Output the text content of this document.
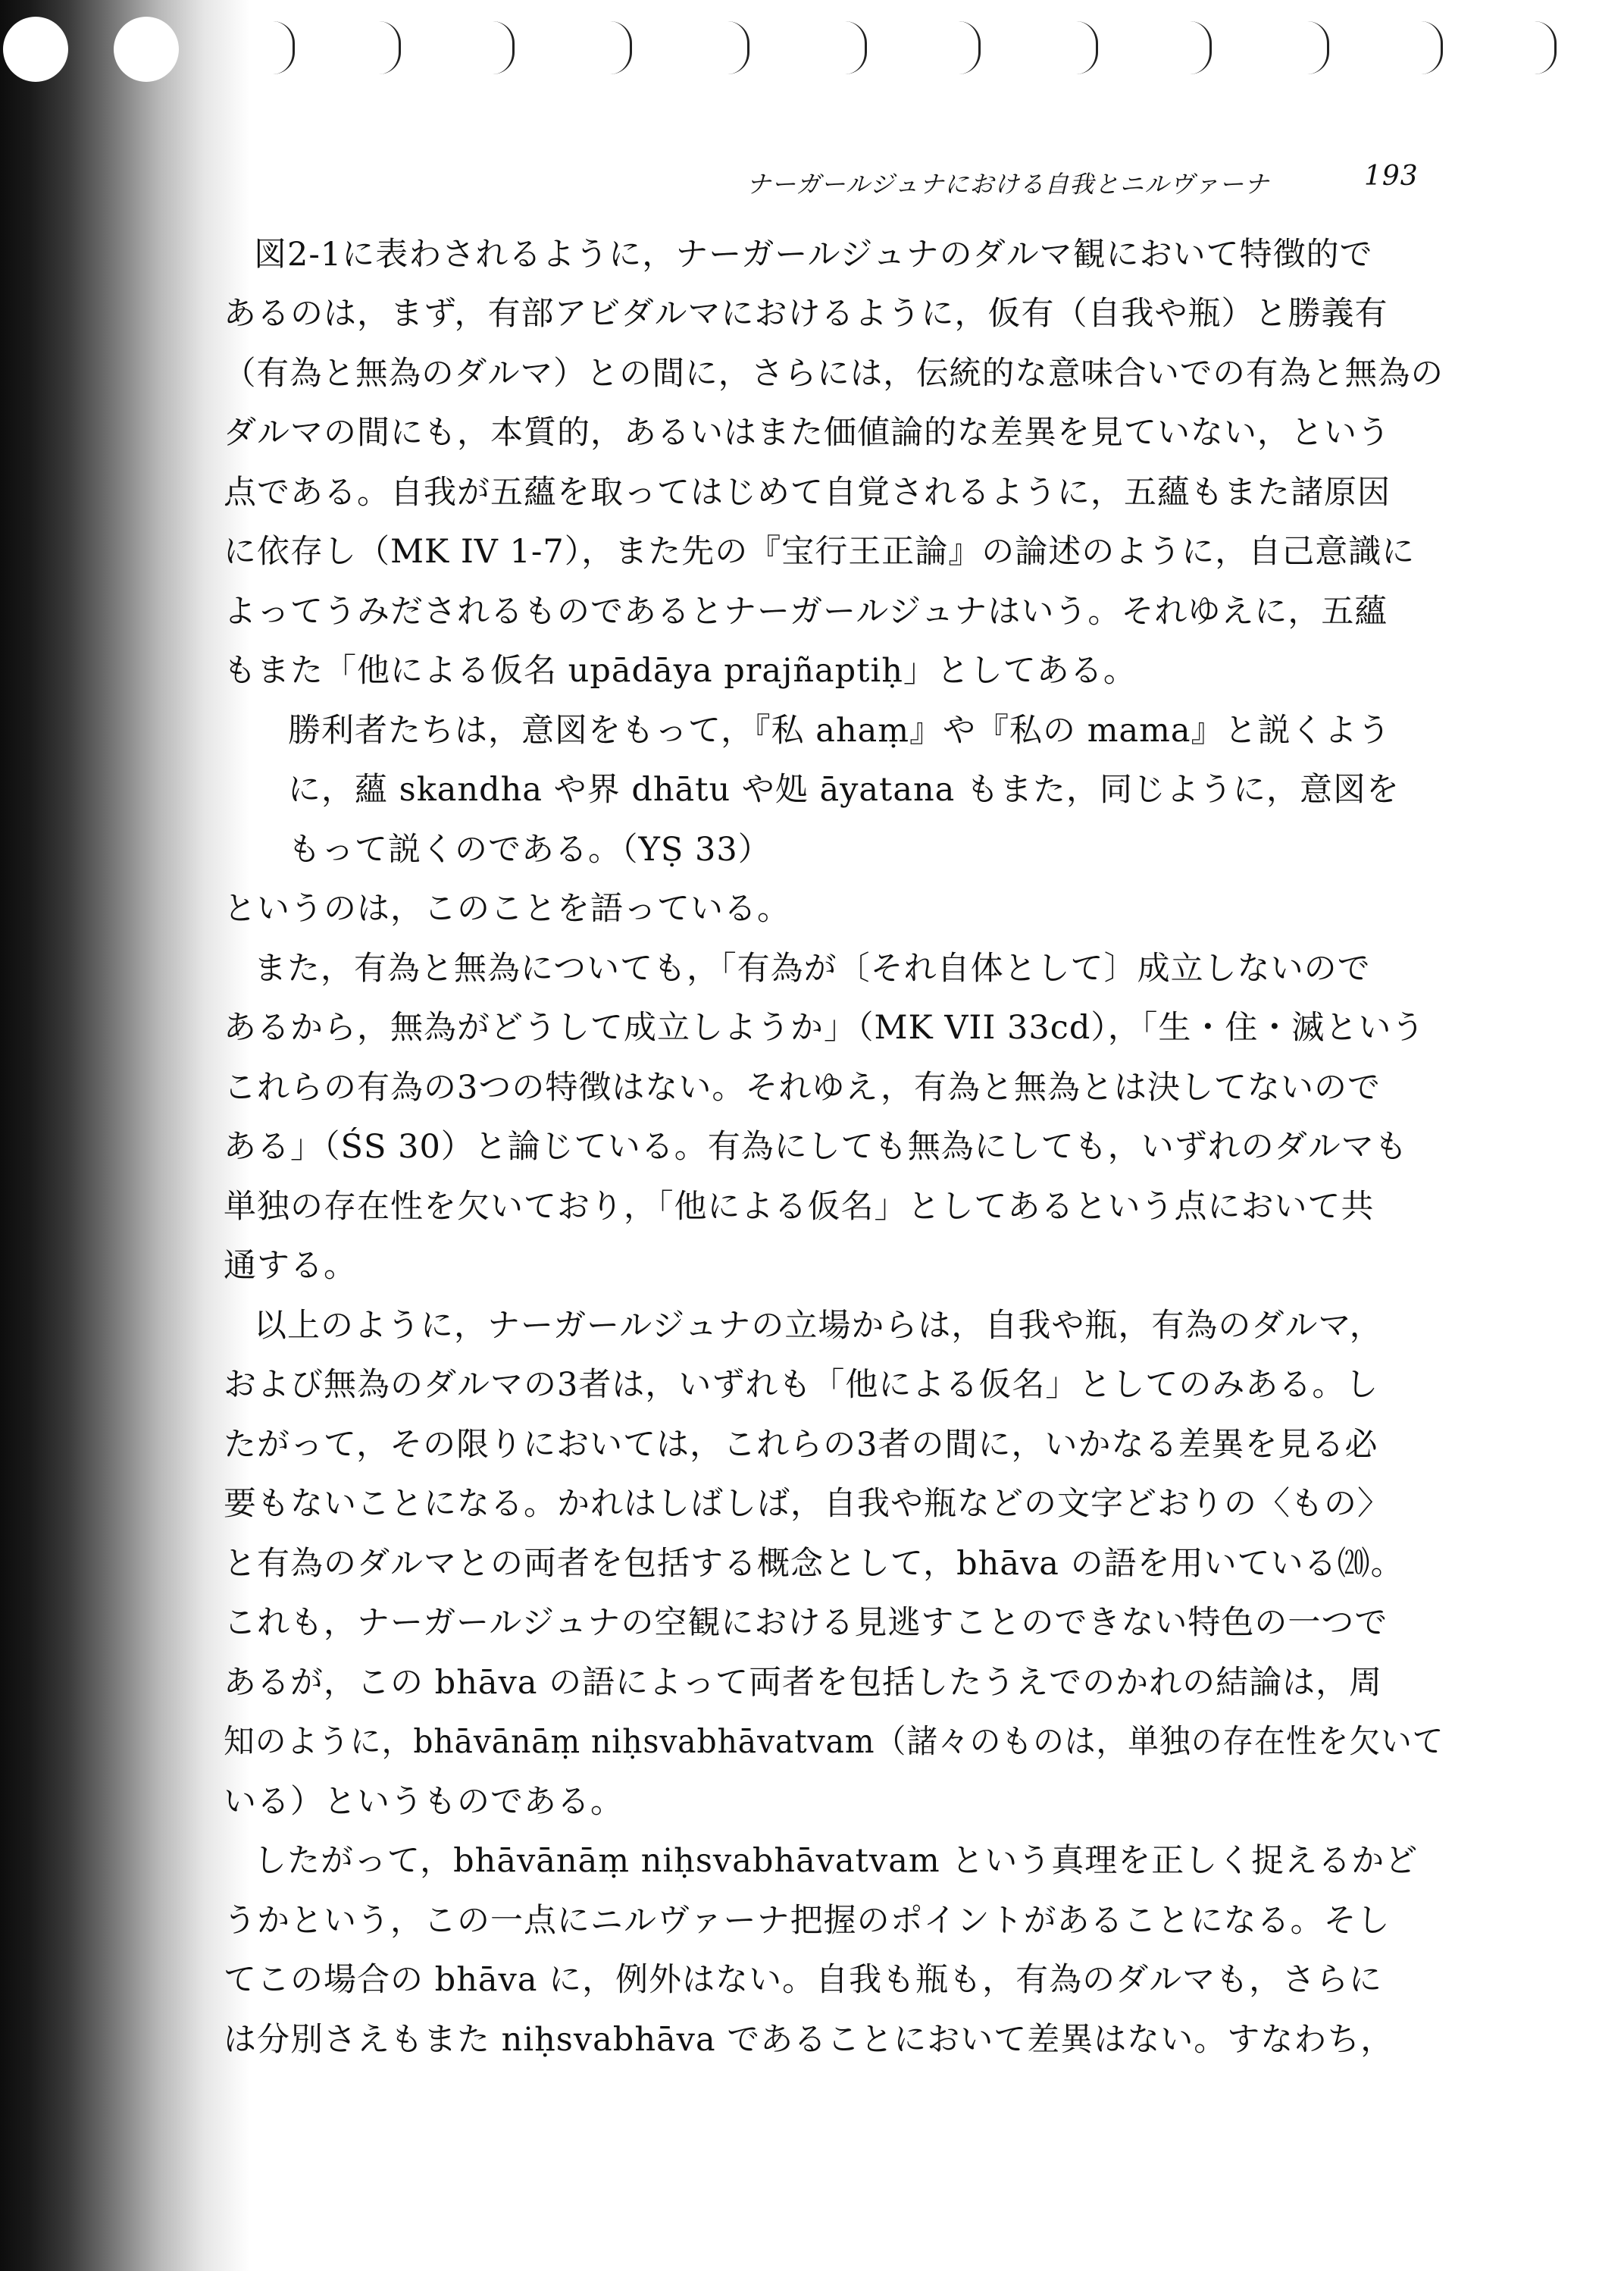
ナーガールジュナにおける自我とニルヴァーナ	193
図2-1に表わされるように，ナーガールジュナのダルマ観において特徴的で
あるのは，まず，有部アビダルマにおけるように，仮有（自我や瓶）と勝義有
（有為と無為のダルマ）との間に，さらには，伝統的な意味合いでの有為と無為の
ダルマの間にも，本質的，あるいはまた価値論的な差異を見ていない，という
点である。自我が五蘊を取ってはじめて自覚されるように，五蘊もまた諸原因
に依存し（MK IV 1-7），また先の『宝行王正論』の論述のように，自己意識に
よってうみだされるものであるとナーガールジュナはいう。それゆえに，五蘊
もまた「他による仮名 upādāya prajñaptiḥ」としてある。
勝利者たちは，意図をもって，『私 ahaṃ』や『私の mama』と説くよう
に，蘊 skandha や界 dhātu や処 āyatana もまた，同じように，意図を
もって説くのである。（YṢ 33）
というのは，このことを語っている。
また，有為と無為についても，「有為が〔それ自体として〕成立しないので
あるから，無為がどうして成立しようか」（MK VII 33cd），「生・住・滅という
これらの有為の3つの特徴はない。それゆえ，有為と無為とは決してないので
ある」（ŚS 30）と論じている。有為にしても無為にしても，いずれのダルマも
単独の存在性を欠いており，「他による仮名」としてあるという点において共
通する。
以上のように，ナーガールジュナの立場からは，自我や瓶，有為のダルマ，
および無為のダルマの3者は，いずれも「他による仮名」としてのみある。し
たがって，その限りにおいては，これらの3者の間に，いかなる差異を見る必
要もないことになる。かれはしばしば，自我や瓶などの文字どおりの〈もの〉
と有為のダルマとの両者を包括する概念として，bhāva の語を用いている⒇。
これも，ナーガールジュナの空観における見逃すことのできない特色の一つで
あるが，この bhāva の語によって両者を包括したうえでのかれの結論は，周
知のように，bhāvānāṃ niḥsvabhāvatvam（諸々のものは，単独の存在性を欠いて
いる）というものである。
したがって，bhāvānāṃ niḥsvabhāvatvam という真理を正しく捉えるかど
うかという，この一点にニルヴァーナ把握のポイントがあることになる。そし
てこの場合の bhāva に，例外はない。自我も瓶も，有為のダルマも，さらに
は分別さえもまた niḥsvabhāva であることにおいて差異はない。すなわち，
